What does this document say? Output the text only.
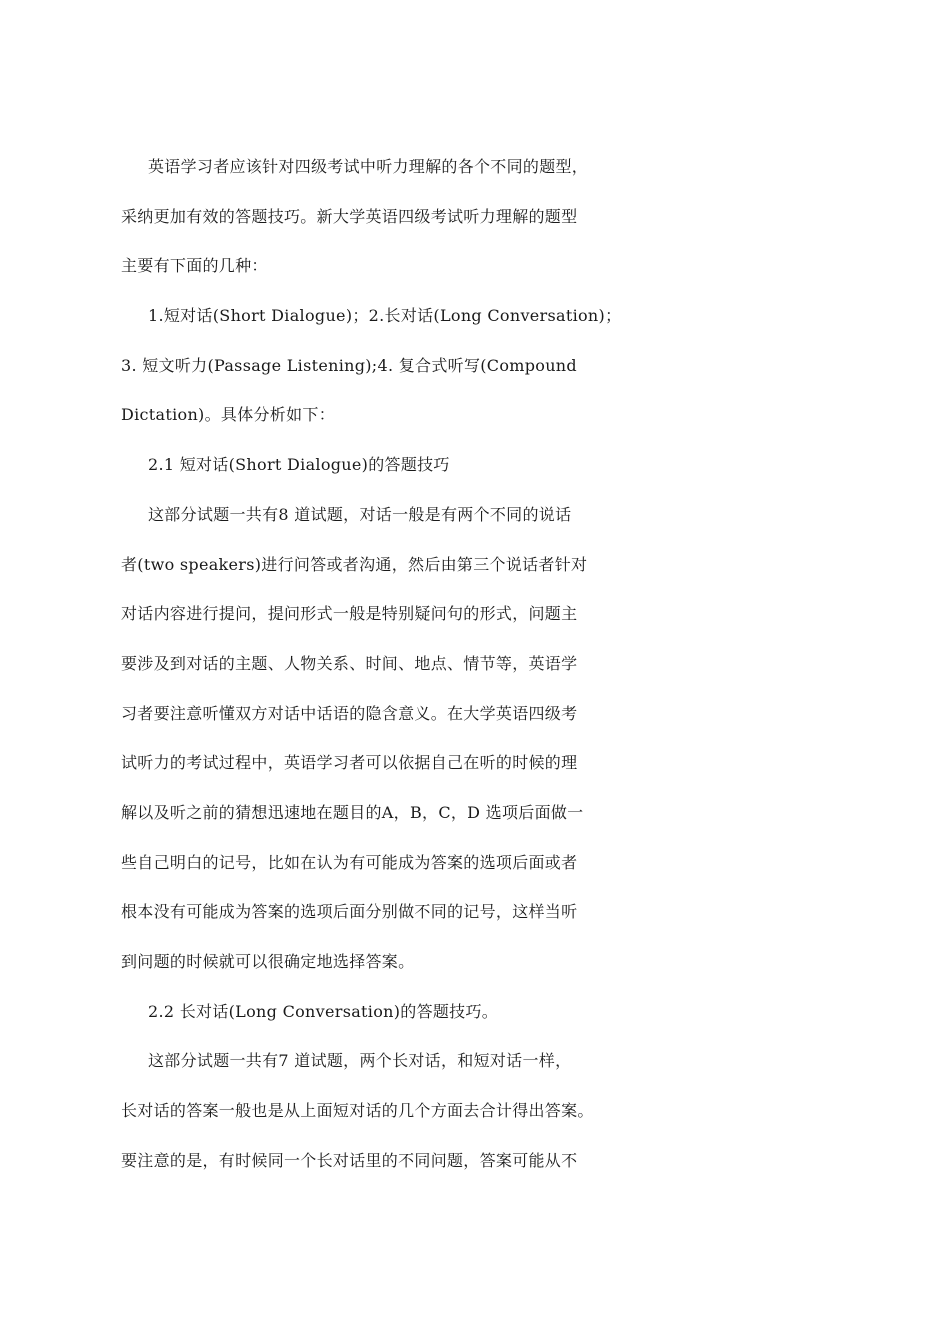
英语学习者应该针对四级考试中听力理解的各个不同的题型，

采纳更加有效的答题技巧。新大学英语四级考试听力理解的题型

主要有下面的几种：

1.短对话(Short Dialogue)；2.长对话(Long Conversation)；

3. 短文听力(Passage Listening);4. 复合式听写(Compound

Dictation)。具体分析如下：

2.1 短对话(Short Dialogue)的答题技巧

这部分试题一共有8 道试题，对话一般是有两个不同的说话

者(two speakers)进行问答或者沟通，然后由第三个说话者针对

对话内容进行提问，提问形式一般是特别疑问句的形式，问题主

要涉及到对话的主题、人物关系、时间、地点、情节等，英语学

习者要注意听懂双方对话中话语的隐含意义。在大学英语四级考

试听力的考试过程中，英语学习者可以依据自己在听的时候的理

解以及听之前的猜想迅速地在题目的A，B，C，D 选项后面做一

些自己明白的记号，比如在认为有可能成为答案的选项后面或者

根本没有可能成为答案的选项后面分别做不同的记号，这样当听

到问题的时候就可以很确定地选择答案。

2.2 长对话(Long Conversation)的答题技巧。

这部分试题一共有7 道试题，两个长对话，和短对话一样，

长对话的答案一般也是从上面短对话的几个方面去合计得出答案。

要注意的是，有时候同一个长对话里的不同问题，答案可能从不
